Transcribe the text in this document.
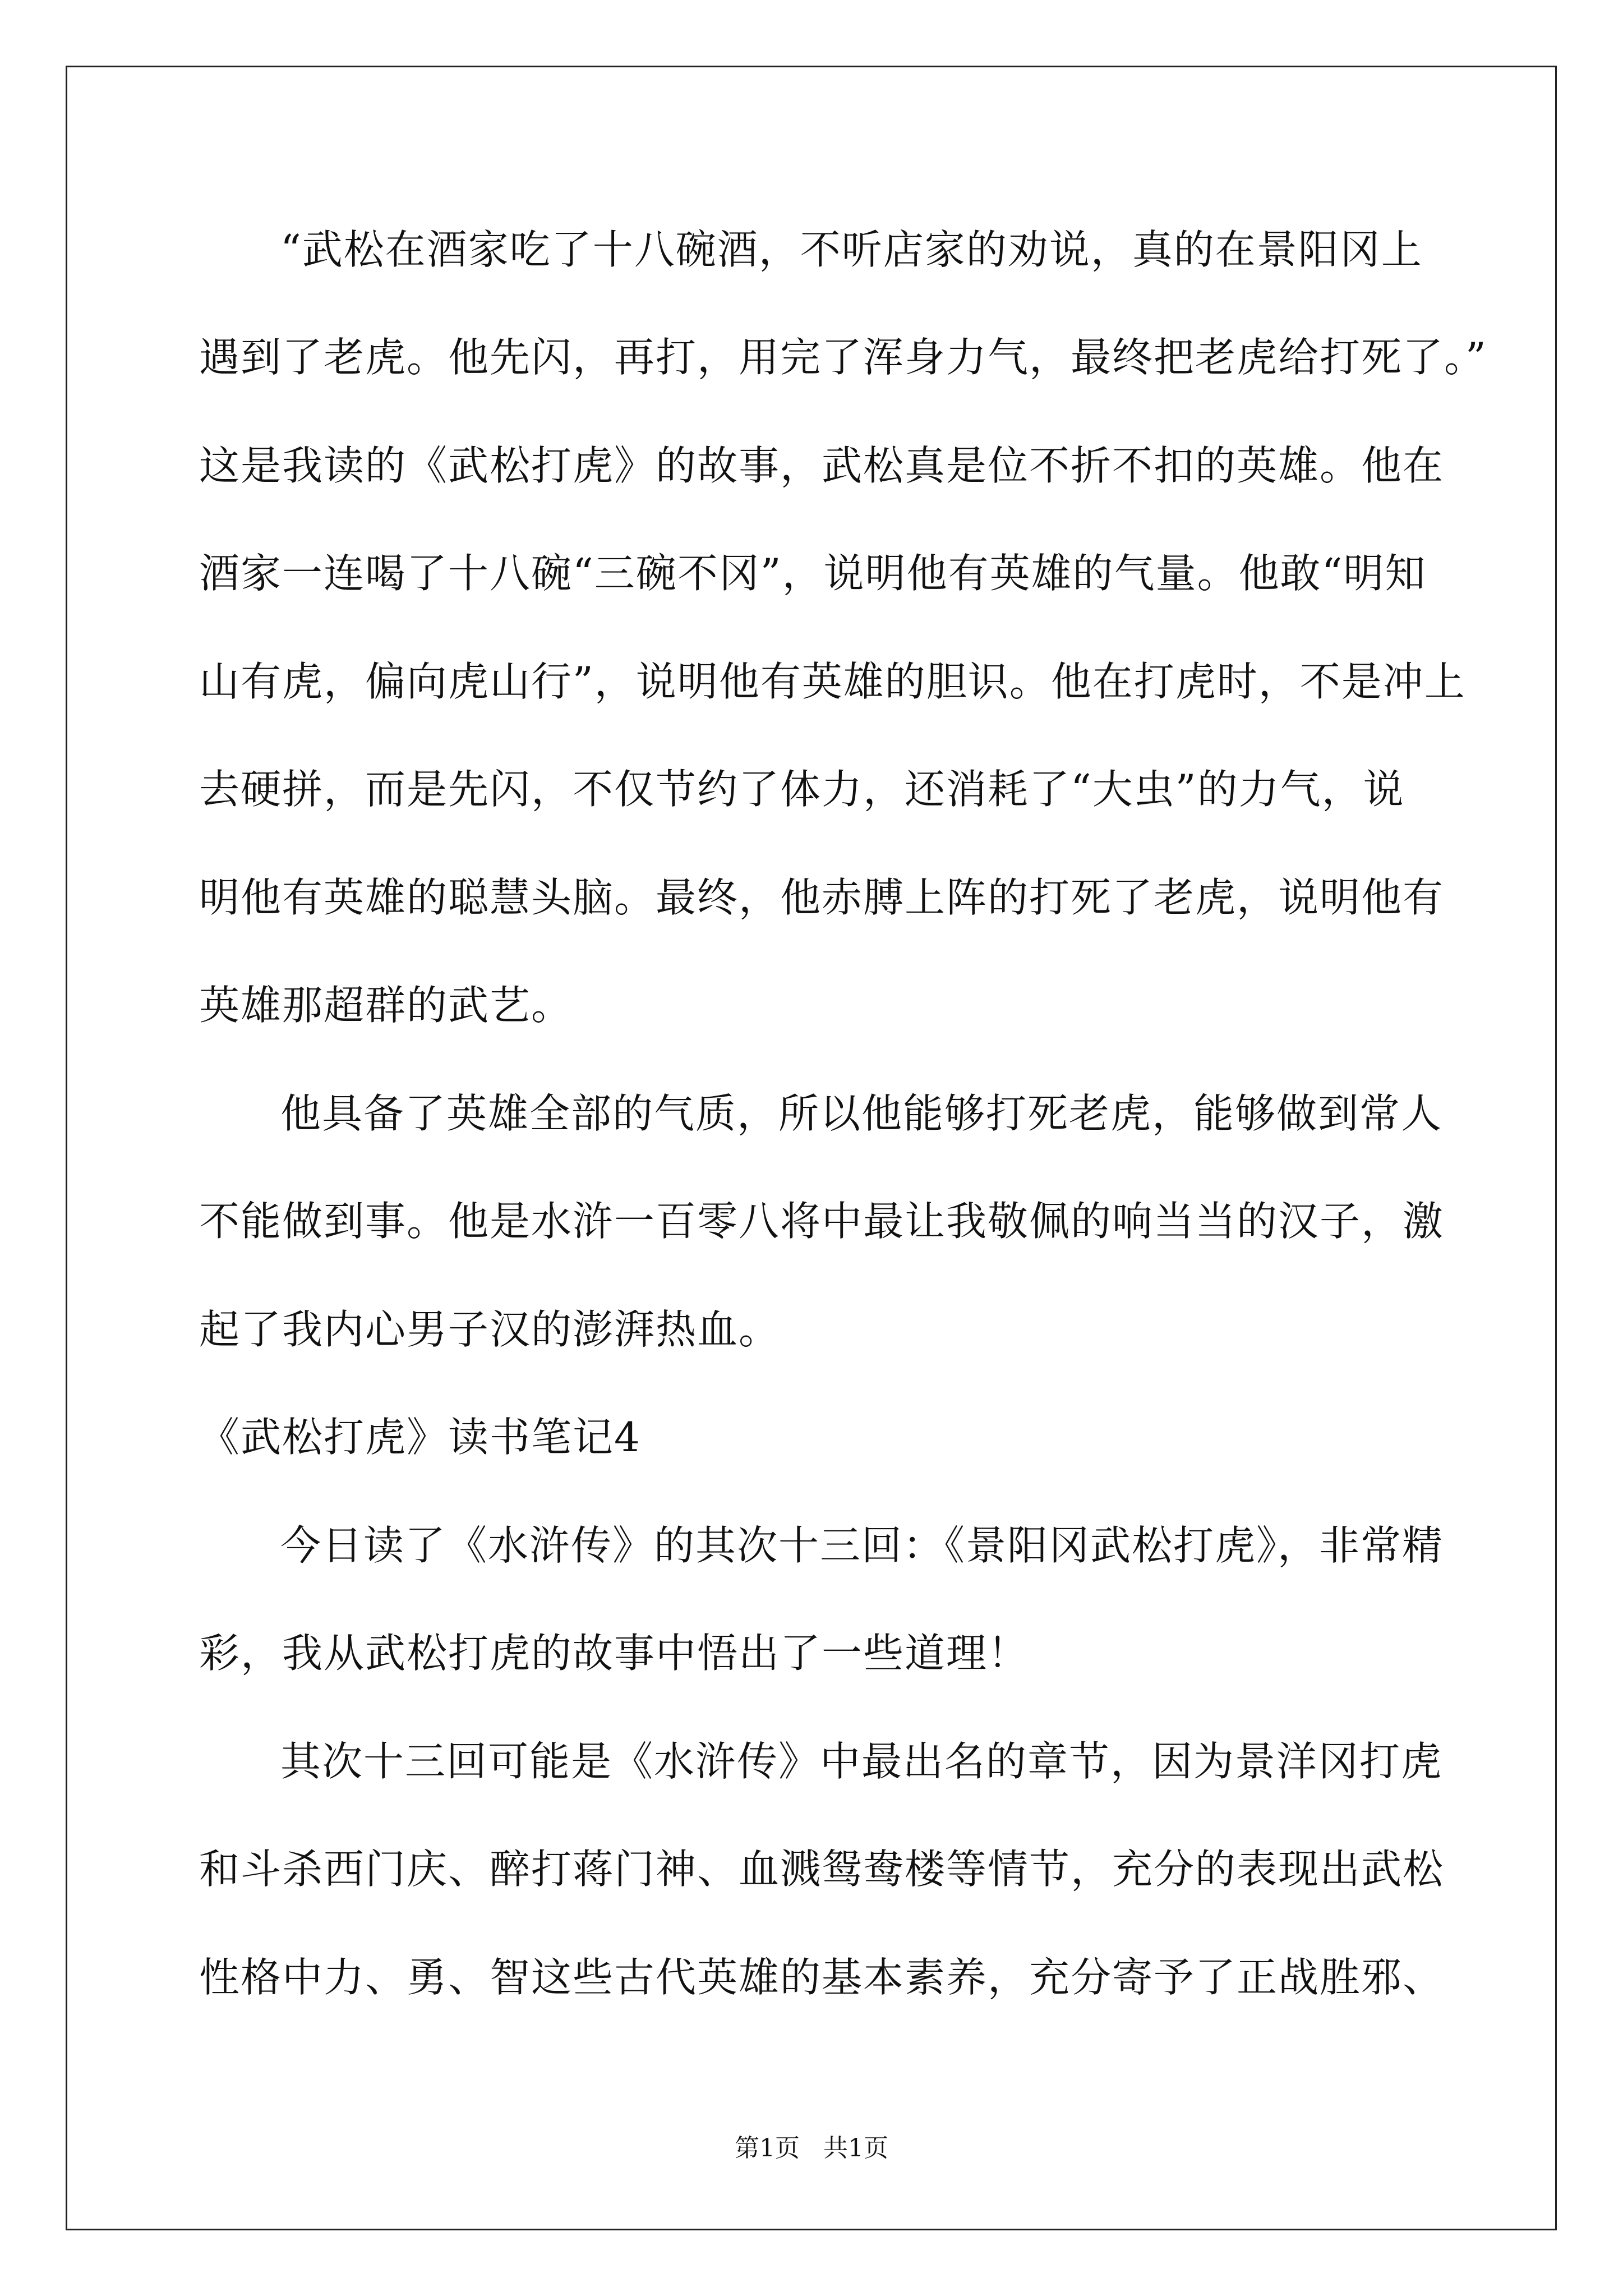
“武松在酒家吃了十八碗酒，不听店家的劝说，真的在景阳冈上
遇到了老虎。他先闪，再打，用完了浑身力气，最终把老虎给打死了。”
这是我读的《武松打虎》的故事，武松真是位不折不扣的英雄。他在
酒家一连喝了十八碗“三碗不冈”，说明他有英雄的气量。他敢“明知
山有虎，偏向虎山行”，说明他有英雄的胆识。他在打虎时，不是冲上
去硬拼，而是先闪，不仅节约了体力，还消耗了“大虫”的力气，说
明他有英雄的聪慧头脑。最终，他赤膊上阵的打死了老虎，说明他有
英雄那超群的武艺。
他具备了英雄全部的气质，所以他能够打死老虎，能够做到常人
不能做到事。他是水浒一百零八将中最让我敬佩的响当当的汉子，激
起了我内心男子汉的澎湃热血。
《武松打虎》读书笔记4
今日读了《水浒传》的其次十三回：《景阳冈武松打虎》，非常精
彩，我从武松打虎的故事中悟出了一些道理！
其次十三回可能是《水浒传》中最出名的章节，因为景洋冈打虎
和斗杀西门庆、醉打蒋门神、血溅鸳鸯楼等情节，充分的表现出武松
性格中力、勇、智这些古代英雄的基本素养，充分寄予了正战胜邪、
第1页   共1页
